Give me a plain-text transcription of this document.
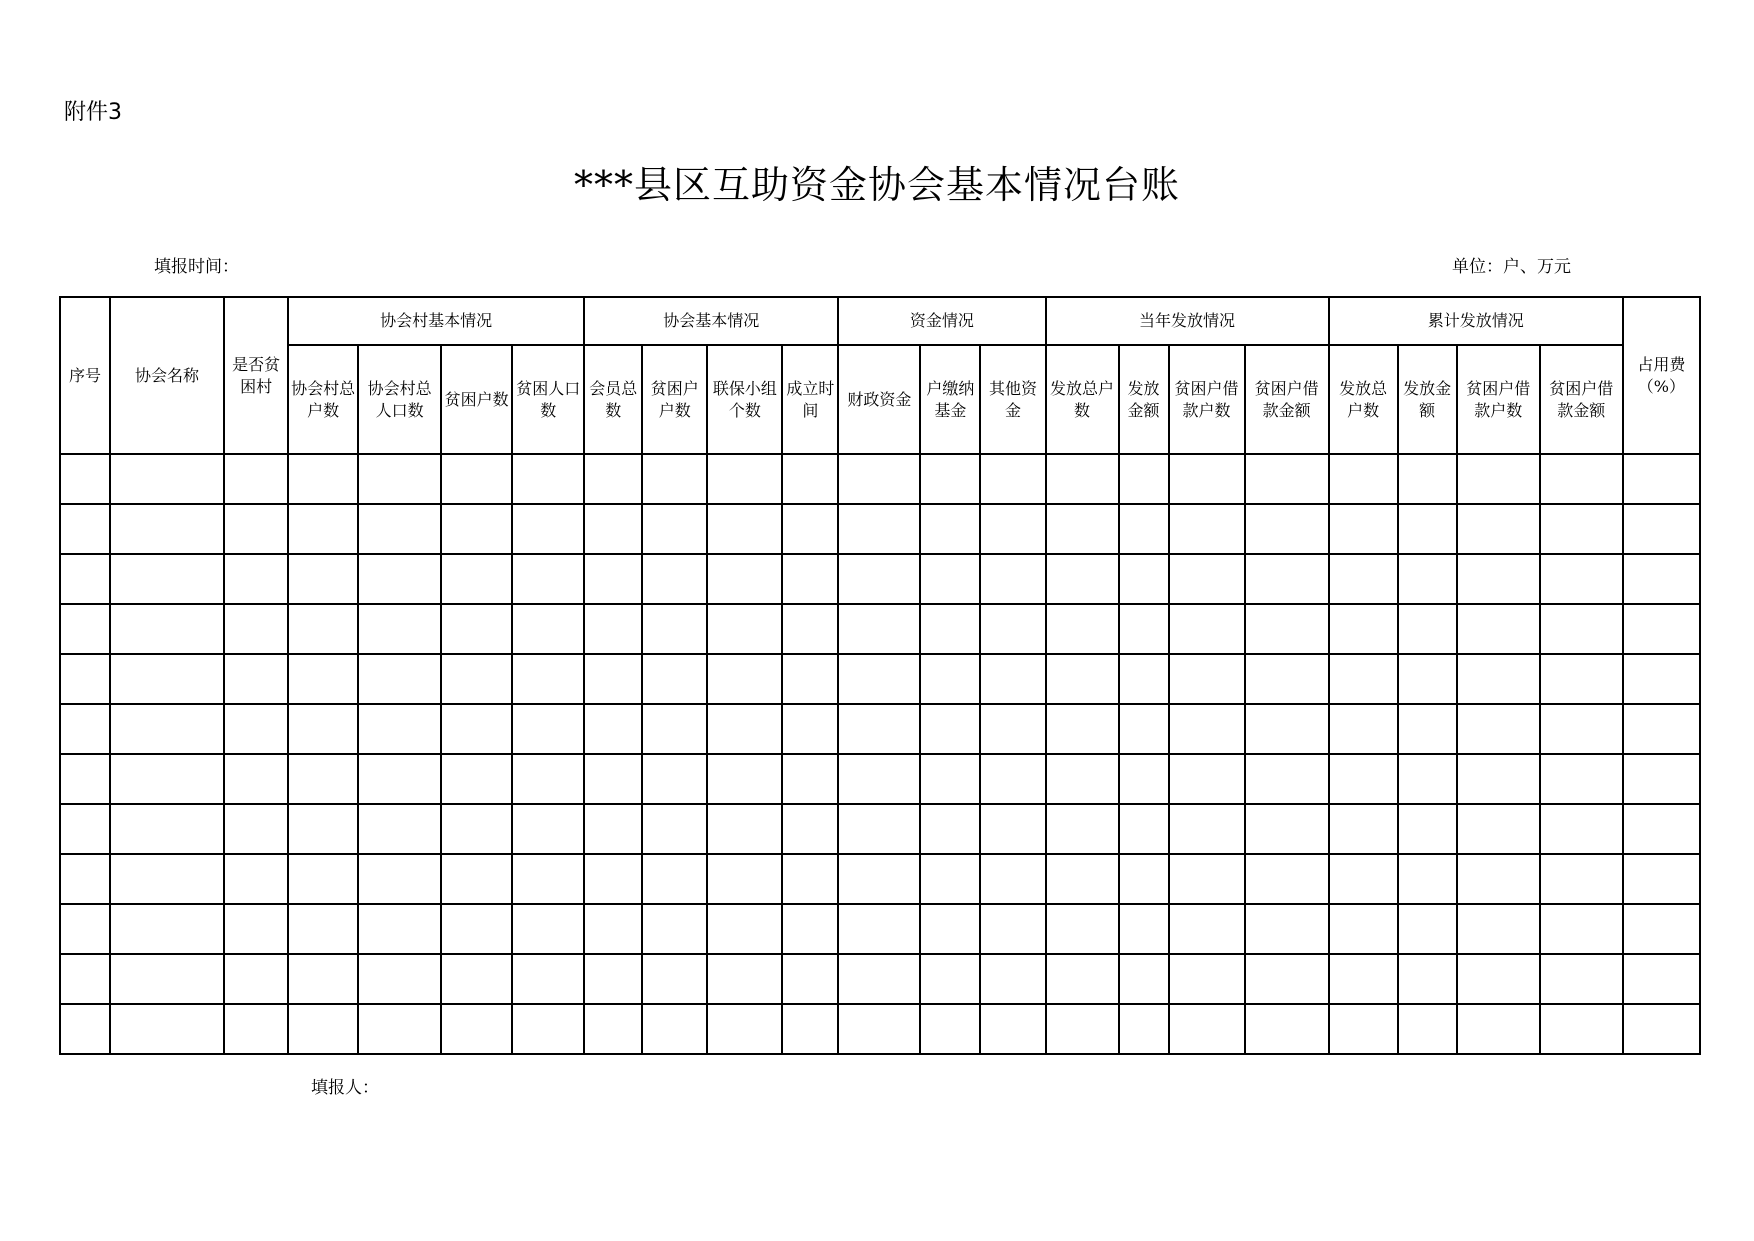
附件3
***县区互助资金协会基本情况台账
填报时间：	单位：户、万元
序号	协会名称	是否贫困村	协会村基本情况				协会基本情况				资金情况			当年发放情况				累计发放情况				占用费（%）
			协会村总户数	协会村总人口数	贫困户数	贫困人口数	会员总数	贫困户户数	联保小组个数	成立时间	财政资金	户缴纳基金	其他资金	发放总户数	发放金额	贫困户借款户数	贫困户借款金额	发放总户数	发放金额	贫困户借款户数	贫困户借款金额	

填报人：
